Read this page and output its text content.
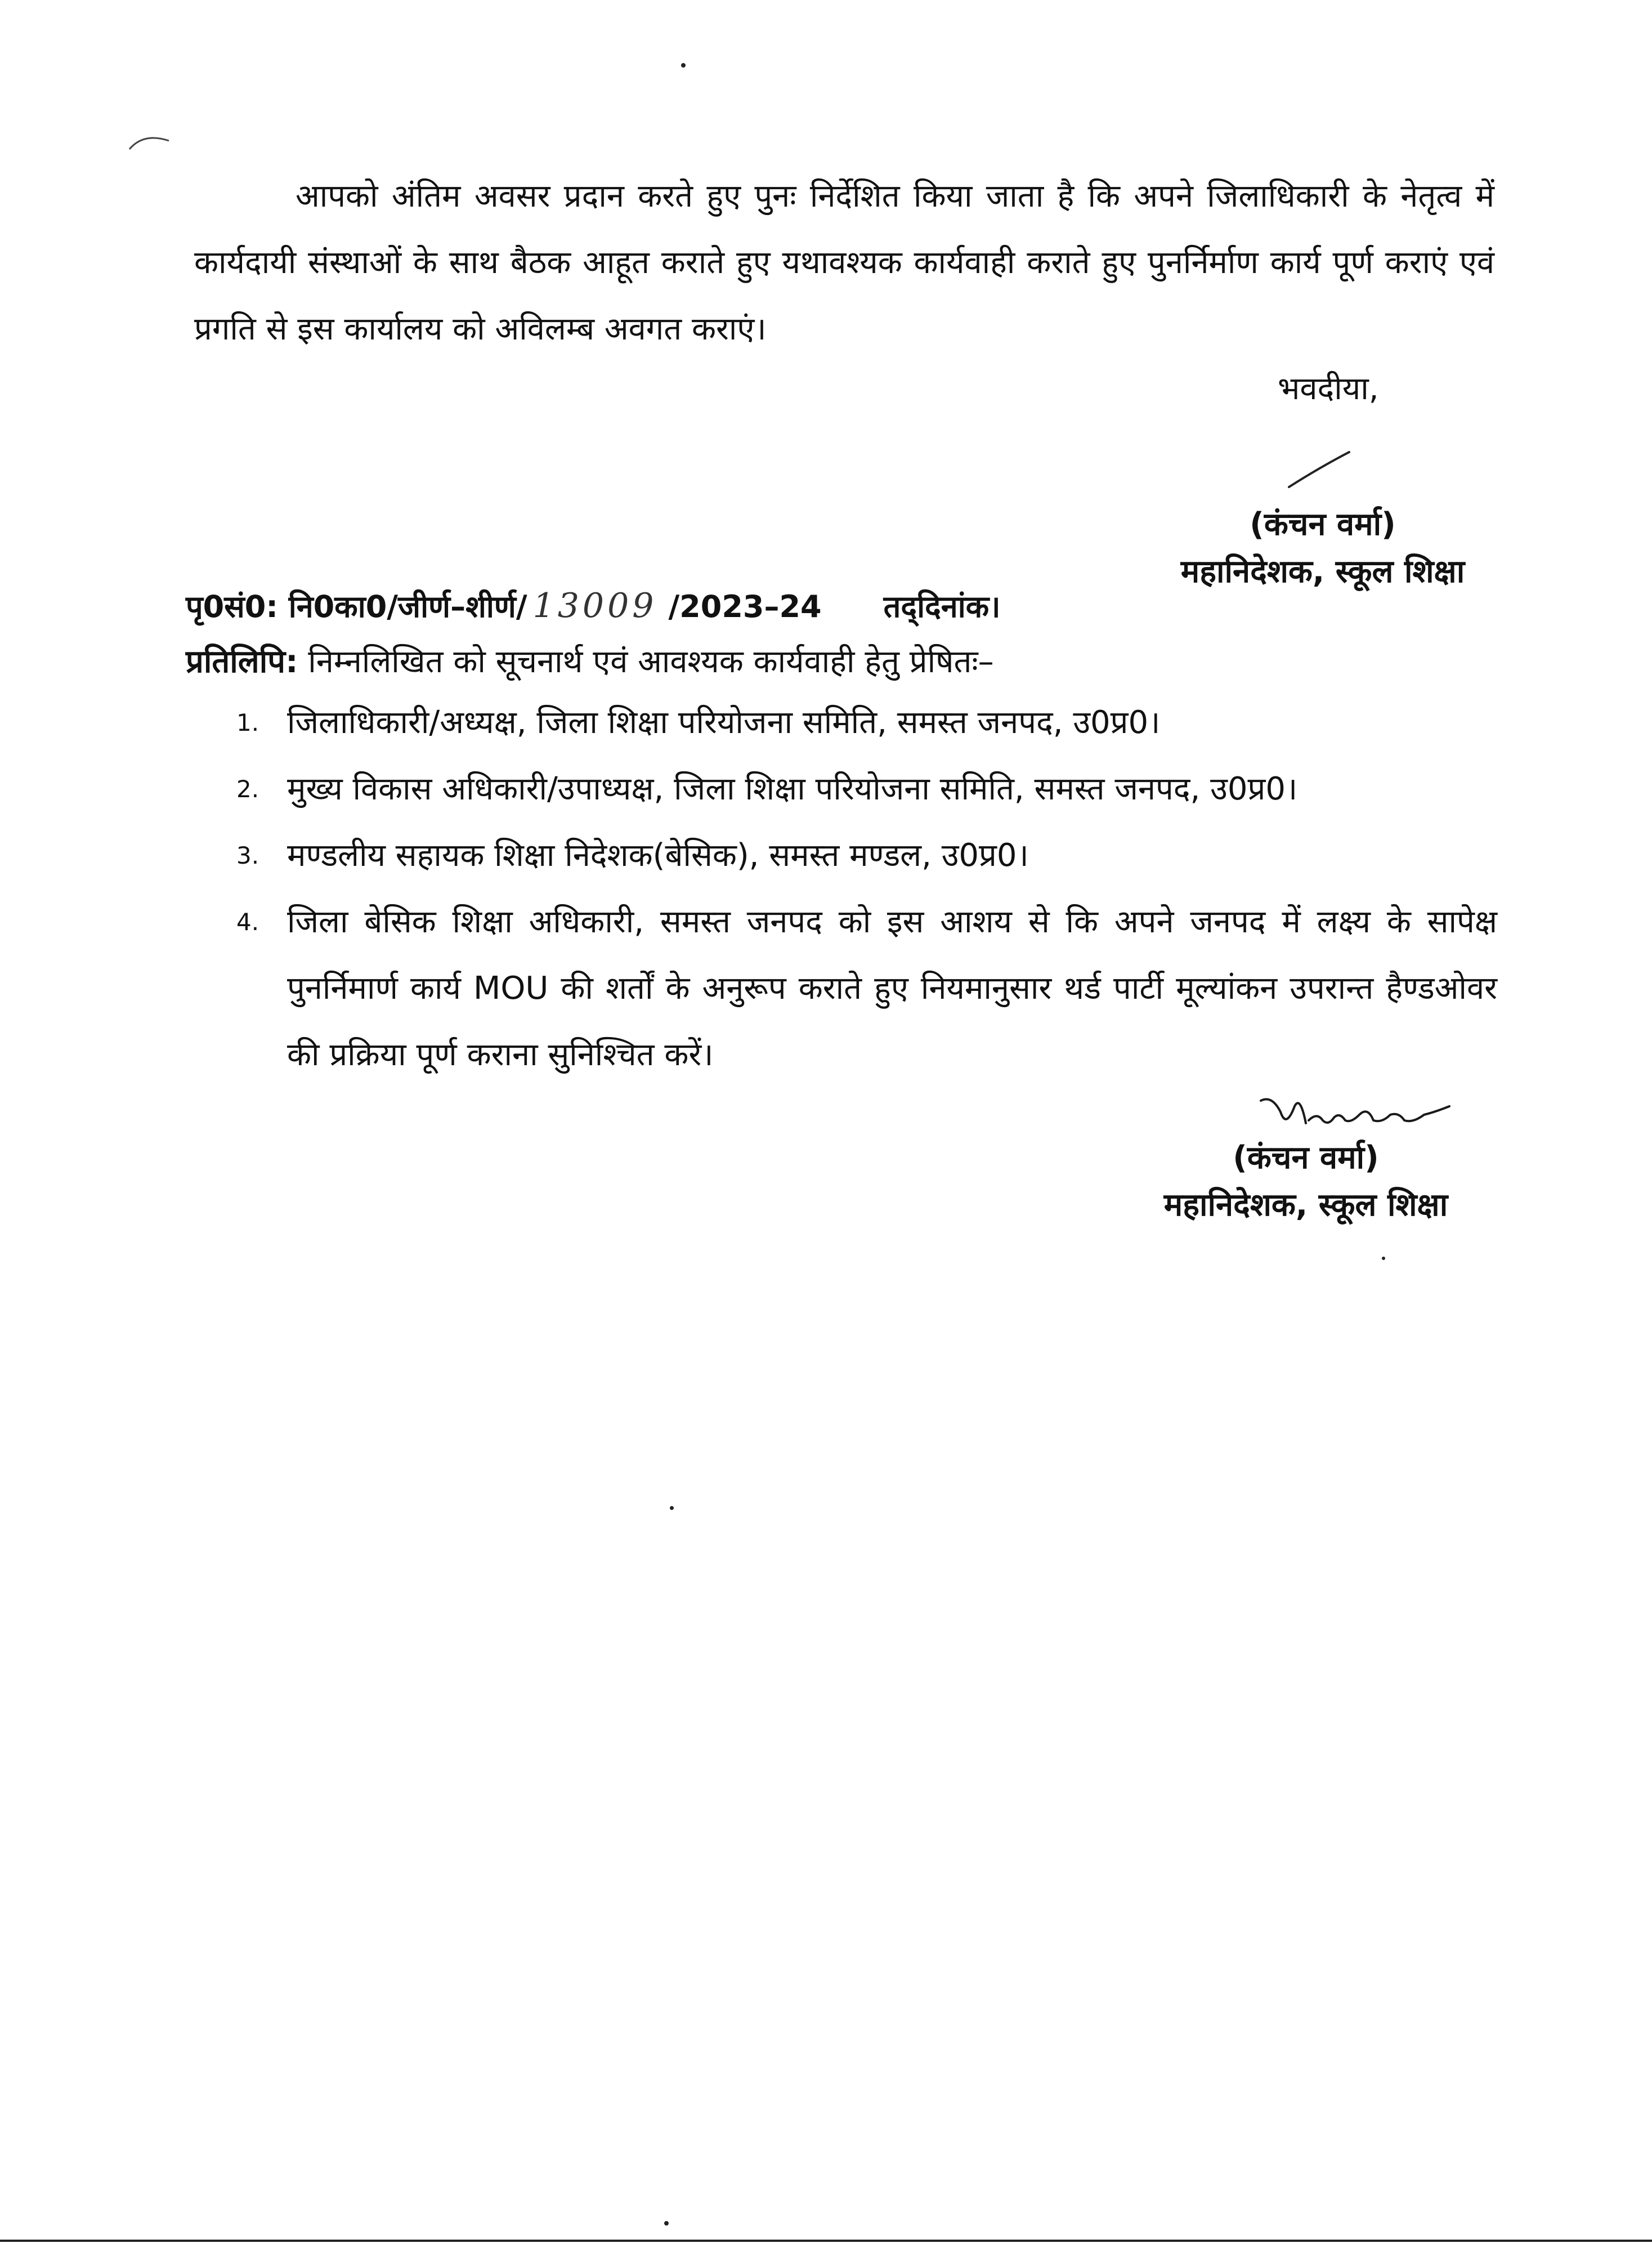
आपको अंतिम अवसर प्रदान करते हुए पुनः निर्देशित किया जाता है कि अपने जिलाधिकारी के नेतृत्व में कार्यदायी संस्थाओं के साथ बैठक आहूत कराते हुए यथावश्यक कार्यवाही कराते हुए पुनर्निर्माण कार्य पूर्ण कराएं एवं प्रगति से इस कार्यालय को अविलम्ब अवगत कराएं।

भवदीया,
(कंचन वर्मा)
महानिदेशक, स्कूल शिक्षा
पृ0सं0: नि0का0/जीर्ण–शीर्ण/ 13009 /2023–24	तद्‌दिनांक।
प्रतिलिपि: निम्नलिखित को सूचनार्थ एवं आवश्यक कार्यवाही हेतु प्रेषितः–
1. जिलाधिकारी/अध्यक्ष, जिला शिक्षा परियोजना समिति, समस्त जनपद, उ0प्र0।
2. मुख्य विकास अधिकारी/उपाध्यक्ष, जिला शिक्षा परियोजना समिति, समस्त जनपद, उ0प्र0।
3. मण्डलीय सहायक शिक्षा निदेशक(बेसिक), समस्त मण्डल, उ0प्र0।
4. जिला बेसिक शिक्षा अधिकारी, समस्त जनपद को इस आशय से कि अपने जनपद में लक्ष्य के सापेक्ष पुनर्निमार्ण कार्य MOU की शर्तों के अनुरूप कराते हुए नियमानुसार थर्ड पार्टी मूल्यांकन उपरान्त हैण्डओवर की प्रक्रिया पूर्ण कराना सुनिश्चित करें।
(कंचन वर्मा)
महानिदेशक, स्कूल शिक्षा
